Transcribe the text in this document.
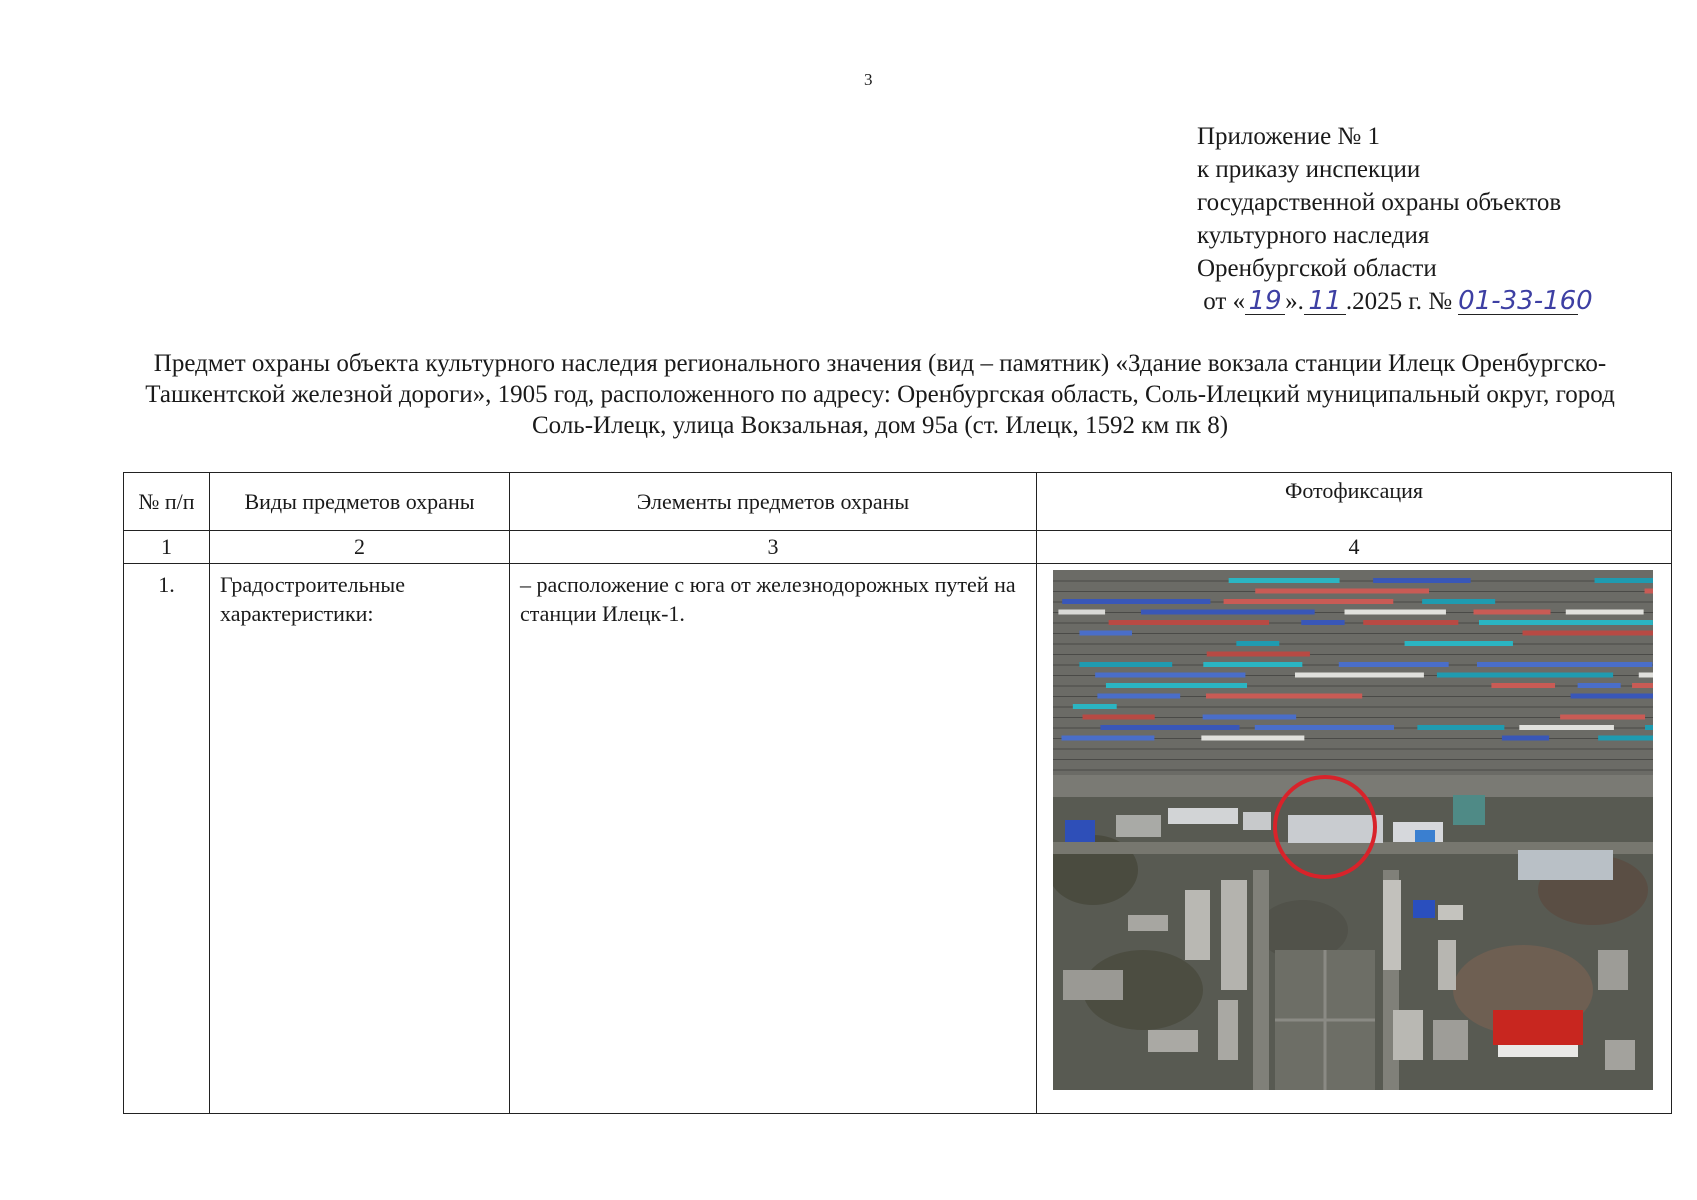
3
Приложение № 1
к приказу инспекции
государственной охраны объектов
культурного наследия
Оренбургской области
от « 19 ». 11 .2025 г. № 01-33-160
Предмет охраны объекта культурного наследия регионального значения (вид – памятник) «Здание вокзала станции Илецк Оренбургско-Ташкентской железной дороги», 1905 год, расположенного по адресу: Оренбургская область, Соль-Илецкий муниципальный округ, город Соль-Илецк, улица Вокзальная, дом 95а (ст. Илецк, 1592 км пк 8)
№ п/п	Виды предметов охраны	Элементы предметов охраны	Фотофиксация
1	2	3	4
1.	Градостроительные характеристики:	– расположение с юга от железнодорожных путей на станции Илецк-1.	
